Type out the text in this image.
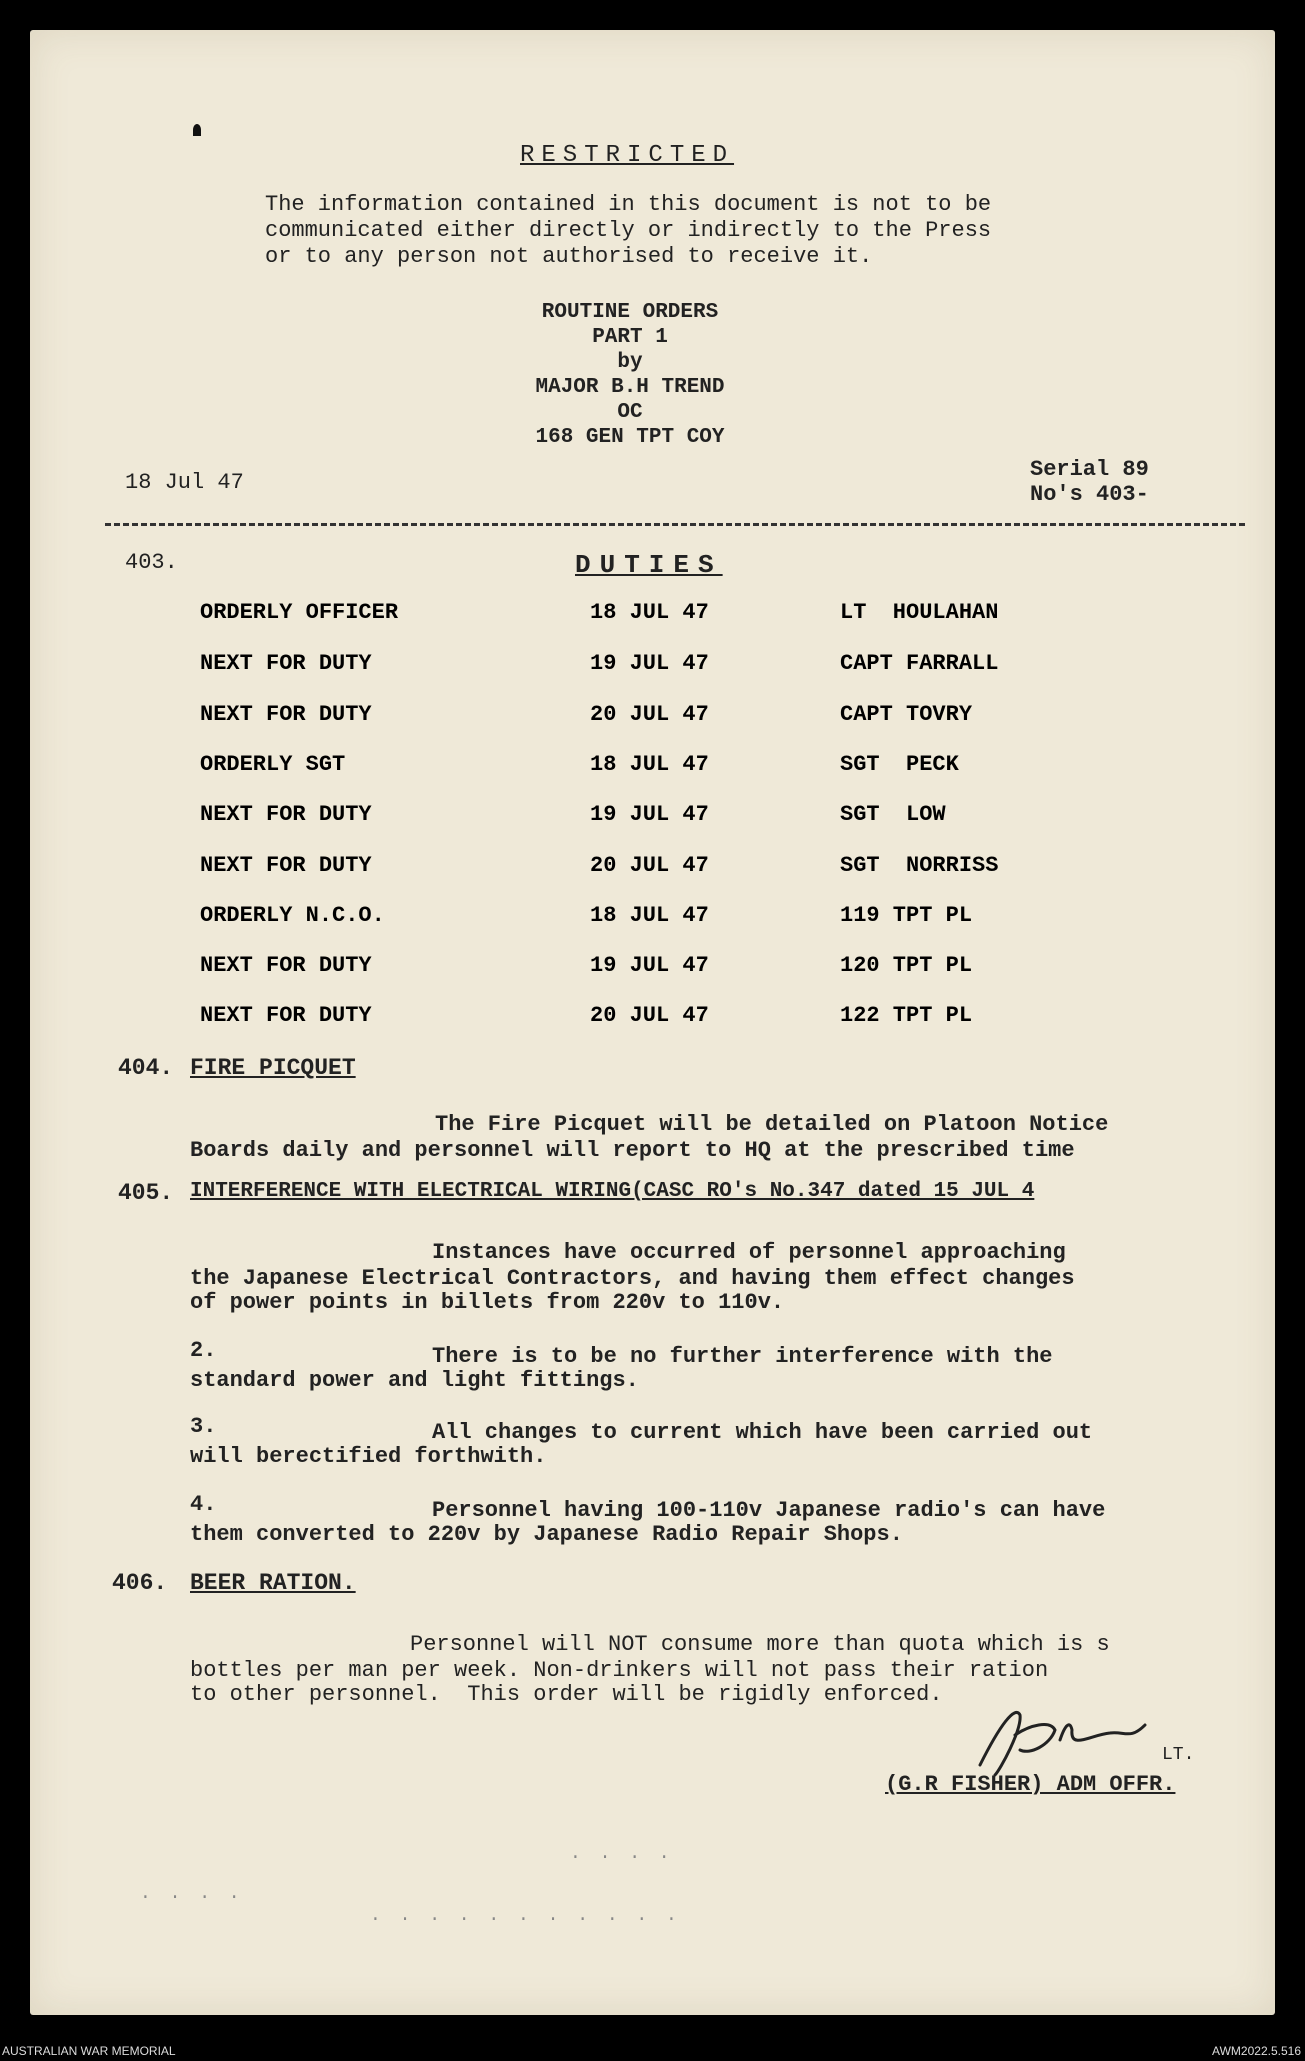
RESTRICTED

The information contained in this document is not to be
communicated either directly or indirectly to the Press
or to any person not authorised to receive it.

ROUTINE ORDERS
PART 1
by
MAJOR B.H TREND
OC
168 GEN TPT COY

18 Jul 47

Serial 89

No's 403-

403.	DUTIES

ORDERLY OFFICER	18 JUL 47	LT  HOULAHAN
NEXT FOR DUTY	19 JUL 47	CAPT FARRALL
NEXT FOR DUTY	20 JUL 47	CAPT TOVRY
ORDERLY SGT	18 JUL 47	SGT  PECK
NEXT FOR DUTY	19 JUL 47	SGT  LOW
NEXT FOR DUTY	20 JUL 47	SGT  NORRISS
ORDERLY N.C.O.	18 JUL 47	119 TPT PL
NEXT FOR DUTY	19 JUL 47	120 TPT PL
NEXT FOR DUTY	20 JUL 47	122 TPT PL

404. FIRE PICQUET

The Fire Picquet will be detailed on Platoon Notice

Boards daily and personnel will report to HQ at the prescribed time

405. INTERFERENCE WITH ELECTRICAL WIRING(CASC RO's No.347 dated 15 JUL 4

Instances have occurred of personnel approaching

the Japanese Electrical Contractors, and having them effect changes

of power points in billets from 220v to 110v.

2.	There is to be no further interference with the

standard power and light fittings.

3.	All changes to current which have been carried out

will berectified forthwith.

4.	Personnel having 100-110v Japanese radio's can have

them converted to 220v by Japanese Radio Repair Shops.

406. BEER RATION.

Personnel will NOT consume more than quota which is s

bottles per man per week. Non-drinkers will not pass their ration

to other personnel.  This order will be rigidly enforced.

LT.

(G.R FISHER) ADM OFFR.

· · · ·
· · · ·
· · · · · · · · · · ·
AUSTRALIAN WAR MEMORIAL	AWM2022.5.516
